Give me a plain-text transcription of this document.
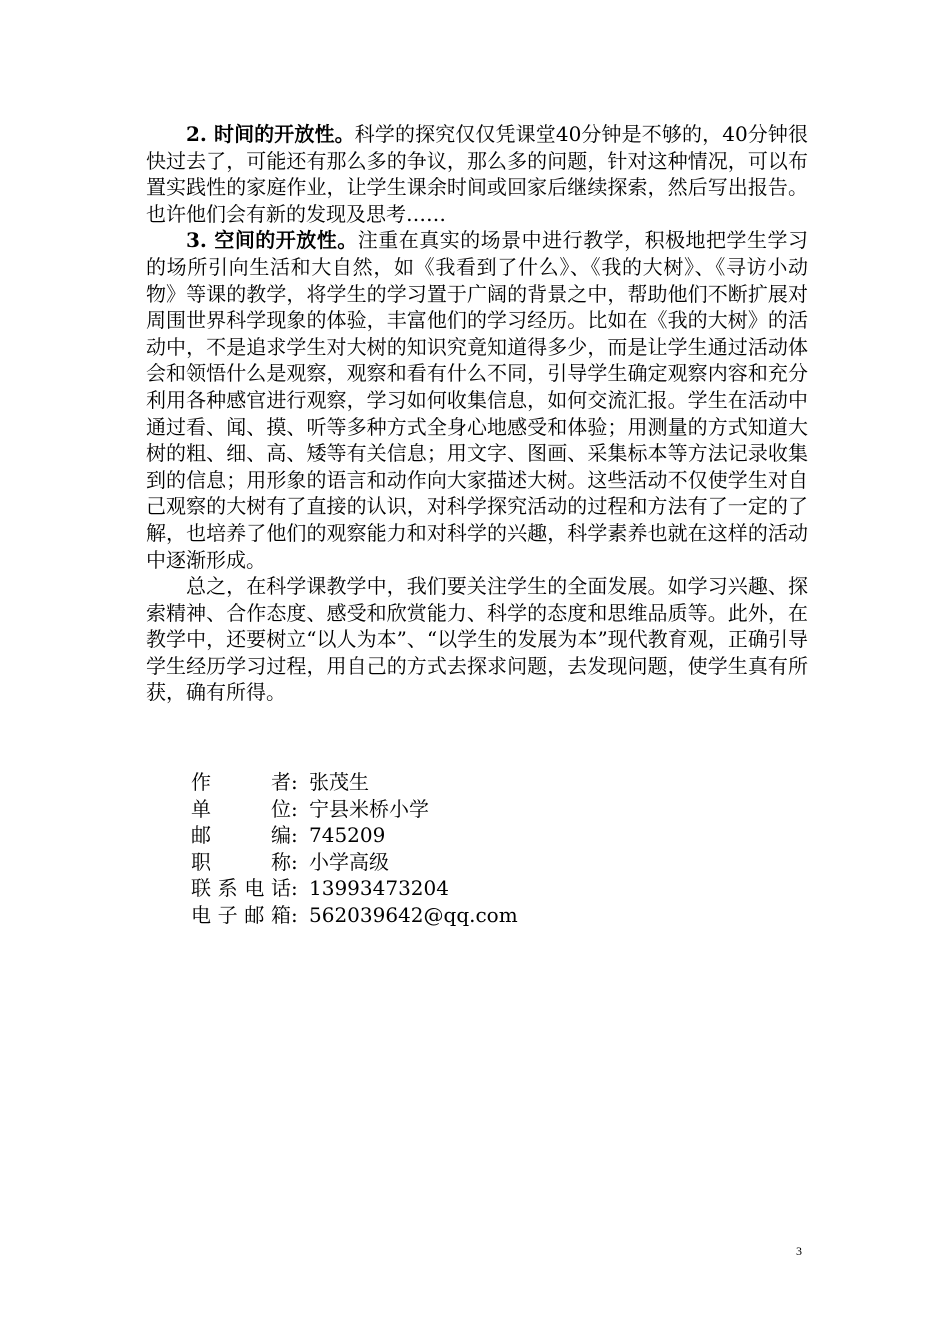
2. 时间的开放性。科学的探究仅仅凭课堂40分钟是不够的，40分钟很快过去了，可能还有那么多的争议，那么多的问题，针对这种情况，可以布置实践性的家庭作业，让学生课余时间或回家后继续探索，然后写出报告。也许他们会有新的发现及思考……

3. 空间的开放性。注重在真实的场景中进行教学，积极地把学生学习的场所引向生活和大自然，如《我看到了什么》、《我的大树》、《寻访小动物》等课的教学，将学生的学习置于广阔的背景之中，帮助他们不断扩展对周围世界科学现象的体验，丰富他们的学习经历。比如在《我的大树》的活动中，不是追求学生对大树的知识究竟知道得多少，而是让学生通过活动体会和领悟什么是观察，观察和看有什么不同，引导学生确定观察内容和充分利用各种感官进行观察，学习如何收集信息，如何交流汇报。学生在活动中通过看、闻、摸、听等多种方式全身心地感受和体验；用测量的方式知道大树的粗、细、高、矮等有关信息；用文字、图画、采集标本等方法记录收集到的信息；用形象的语言和动作向大家描述大树。这些活动不仅使学生对自己观察的大树有了直接的认识，对科学探究活动的过程和方法有了一定的了解，也培养了他们的观察能力和对科学的兴趣，科学素养也就在这样的活动中逐渐形成。

总之，在科学课教学中，我们要关注学生的全面发展。如学习兴趣、探索精神、合作态度、感受和欣赏能力、科学的态度和思维品质等。此外，在教学中，还要树立“以人为本”、“以学生的发展为本”现代教育观，正确引导学生经历学习过程，用自己的方式去探求问题，去发现问题，使学生真有所获，确有所得。

作	者 : 张茂生
单	位 : 宁县米桥小学
邮	编 : 745209
职	称 : 小学高级
联 系 电 话 : 13993473204
电 子 邮 箱 : 562039642@qq.com
3
